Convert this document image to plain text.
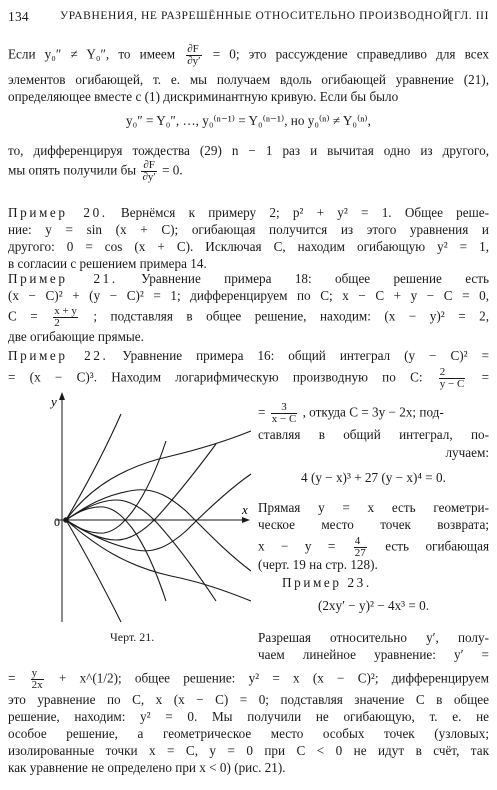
134	УРАВНЕНИЯ, НЕ РАЗРЕШЁННЫЕ ОТНОСИТЕЛЬНО ПРОИЗВОДНОЙ
[ГЛ. III
Если y₀″ ≠ Y₀″, то имеем $\frac{\partial F}{\partial y'} = 0$; это рассуждение справедливо для всех
элементов огибающей, т. е. мы получаем вдоль огибающей уравнение (21),
определяющее вместе с (1) дискриминантную кривую. Если бы было
y₀″ = Y₀″, …, y₀⁽ⁿ⁻¹⁾ = Y₀⁽ⁿ⁻¹⁾, но y₀⁽ⁿ⁾ ≠ Y₀⁽ⁿ⁾,
то, дифференцируя тождества (29) n − 1 раз и вычитая одно из другого,
мы опять получили бы $\frac{\partial F}{\partial y'} = 0$.
Пример 20. Вернёмся к примеру 2; p² + y² = 1. Общее реше-
ние: y = sin (x + C); огибающая получится из этого уравнения и
другого: 0 = cos (x + C). Исключая C, находим огибающую y² = 1,
в согласии с решением примера 14.
Пример 21. Уравнение примера 18: общее решение есть
(x − C)² + (y − C)² = 1; дифференцируем по C; x − C + y − C = 0,
$C = \frac{x + y}{2}$ ; подставляя в общее решение, находим: (x − y)² = 2,
две огибающие прямые.
Пример 22. Уравнение примера 16: общий интеграл (y − C)² =
= (x − C)³. Находим логарифмическую производную по C: $\frac{2}{y - C}$ =
= $\frac{3}{x - C}$ , откуда C = 3y − 2x; под-
ставляя в общий интеграл, по-
лучаем:
4 (y − x)³ + 27 (y − x)⁴ = 0.
Прямая y = x есть геометри-
ческое место точек возврата;
$x - y = \frac{4}{27}$ есть огибающая
(черт. 19 на стр. 128).
Пример 23.
(2xy′ − y)² − 4x³ = 0.
Разрешая относительно y′, полу-
чаем линейное уравнение: y′ =
= $\frac{y}{2x}$ + x^(1/2); общее решение: y² = x (x − C)²; дифференцируем
это уравнение по C, x (x − C) = 0; подставляя значение C в общее
решение, находим: y² = 0. Мы получили не огибающую, т. е. не
особое решение, а геометрическое место особых точек (узловых;
изолированные точки x = C, y = 0 при C < 0 не идут в счёт, так
как уравнение не определено при x < 0) (рис. 21).
y
x
0
Черт. 21.
